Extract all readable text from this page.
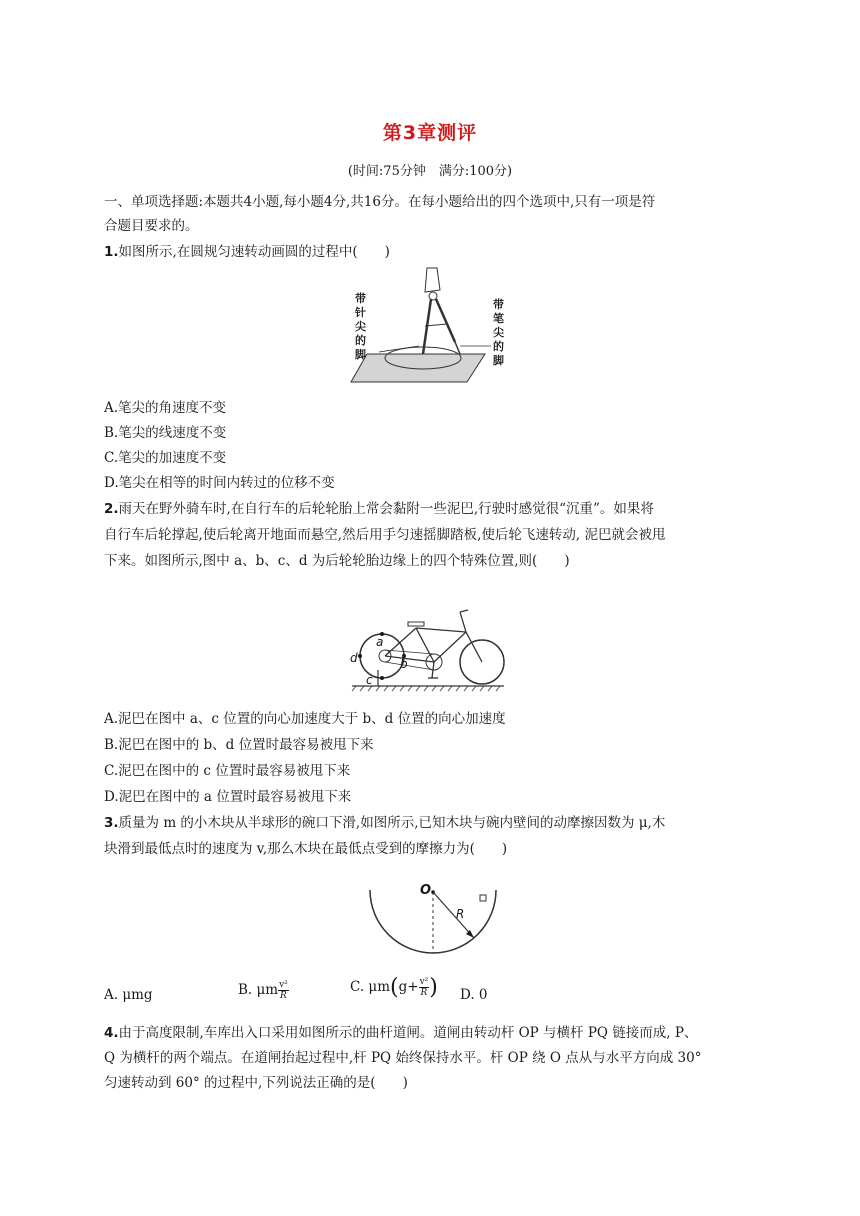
第3章测评
(时间:75分钟　满分:100分)
一、单项选择题:本题共4小题,每小题4分,共16分。在每小题给出的四个选项中,只有一项是符
合题目要求的。
1.如图所示,在圆规匀速转动画圆的过程中(　　)
带
针
尖
的
脚
带
笔
尖
的
脚
A.笔尖的角速度不变
B.笔尖的线速度不变
C.笔尖的加速度不变
D.笔尖在相等的时间内转过的位移不变
2.雨天在野外骑车时,在自行车的后轮轮胎上常会黏附一些泥巴,行驶时感觉很“沉重”。如果将
自行车后轮撑起,使后轮离开地面而悬空,然后用手匀速摇脚踏板,使后轮飞速转动, 泥巴就会被甩
下来。如图所示,图中 a、b、c、d 为后轮轮胎边缘上的四个特殊位置,则(　　)
a
b
c
d
A.泥巴在图中 a、c 位置的向心加速度大于 b、d 位置的向心加速度
B.泥巴在图中的 b、d 位置时最容易被甩下来
C.泥巴在图中的 c 位置时最容易被甩下来
D.泥巴在图中的 a 位置时最容易被甩下来
3.质量为 m 的小木块从半球形的碗口下滑,如图所示,已知木块与碗内壁间的动摩擦因数为 μ,木
块滑到最低点时的速度为 v,那么木块在最低点受到的摩擦力为(　　)
O
R
A. μmg	B. μm $\frac{\text{v²}}{R}$	C. $\mu m(g+ \frac{\text{v²}}{R}$ ) D. 0
4.由于高度限制,车库出入口采用如图所示的曲杆道闸。道闸由转动杆 OP 与横杆 PQ 链接而成, P、
Q 为横杆的两个端点。在道闸抬起过程中,杆 PQ 始终保持水平。杆 OP 绕 O 点从与水平方向成 30°
匀速转动到 60° 的过程中,下列说法正确的是(　　)
